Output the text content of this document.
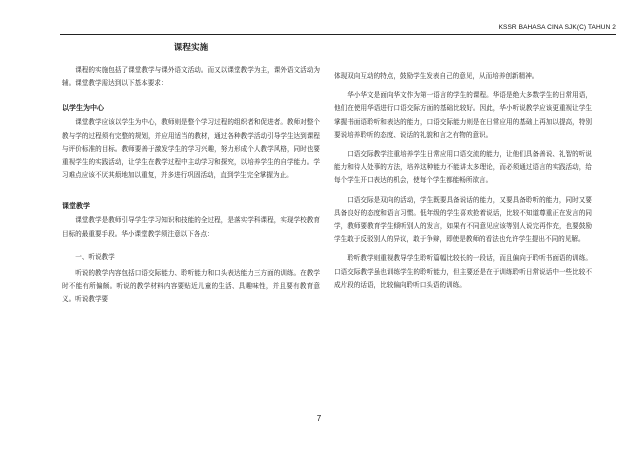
KSSR BAHASA CINA SJK(C) TAHUN 2
课程实施

课程的实施包括了课堂教学与课外语文活动。而又以课堂教学为主，课外语文活动为辅。课堂教学需达到以下基本要求：

以学生为中心

课堂教学应该以学生为中心，教师则是整个学习过程的组织者和促进者。教师对整个教与学的过程须有完整的规划，并应用适当的教材，通过各种教学活动引导学生达到课程与评价标准的目标。教师要善于激发学生的学习兴趣，努力形成个人教学风格，同时也要重视学生的实践活动，让学生在教学过程中主动学习和探究，以培养学生的自学能力。学习难点应该不厌其烦地加以重复，并多进行巩固活动，直到学生完全掌握为止。

课堂教学

课堂教学是教师引导学生学习知识和技能的全过程，是落实学科课程，实现学校教育目标的最重要手段。华小课堂教学须注意以下各点：

一、听说教学

听说的教学内容包括口语交际能力、聆听能力和口头表达能力三方面的训练。在教学时不能有所偏颇。听说的教学材料内容要贴近儿童的生活、具趣味性，并且要有教育意义。听说教学要

体现双向互动的特点，鼓励学生发表自己的意见，从而培养创新精神。

华小华文是面向华文作为第一语言的学生的课程。华语是绝大多数学生的日常用语，他们在使用华语进行口语交际方面的基础比较好。因此，华小听说教学应该更重视让学生掌握书面语聆听和表达的能力，口语交际能力则是在日常应用的基础上再加以提高，特别要说培养聆听的态度、说话的礼貌和言之有物的意识。

口语交际教学注重培养学生日常应用口语交流的能力，让他们具备善说、礼智的听说能力和待人处事的方法，培养这种能力不能讲太多理论，而必须通过语言的实践活动，给每个学生开口表达的机会，使每个学生都能畅所欲言。

口语交际是双向的活动，学生既要具备说话的能力，又要具备聆听的能力，同时又要具备良好的态度和语言习惯。低年级的学生喜欢抢着说话，比较不知道尊重正在发言的同学，教师要教育学生倾听别人的发言，如果有不同意见应该等别人说完再作充，也要鼓励学生敢于反驳别人的异议，敢于争辩，即使是教师的看法也允许学生提出不同的见解。

聆听教学则重视教导学生聆听篇幅比较长的一段话，而且偏向于聆听书面语的训练。口语交际教学虽也训练学生的聆听能力，但主要还是在于训练聆听日常说话中一些比较不成片段的话语，比较偏向聆听口头语的训练。

7
